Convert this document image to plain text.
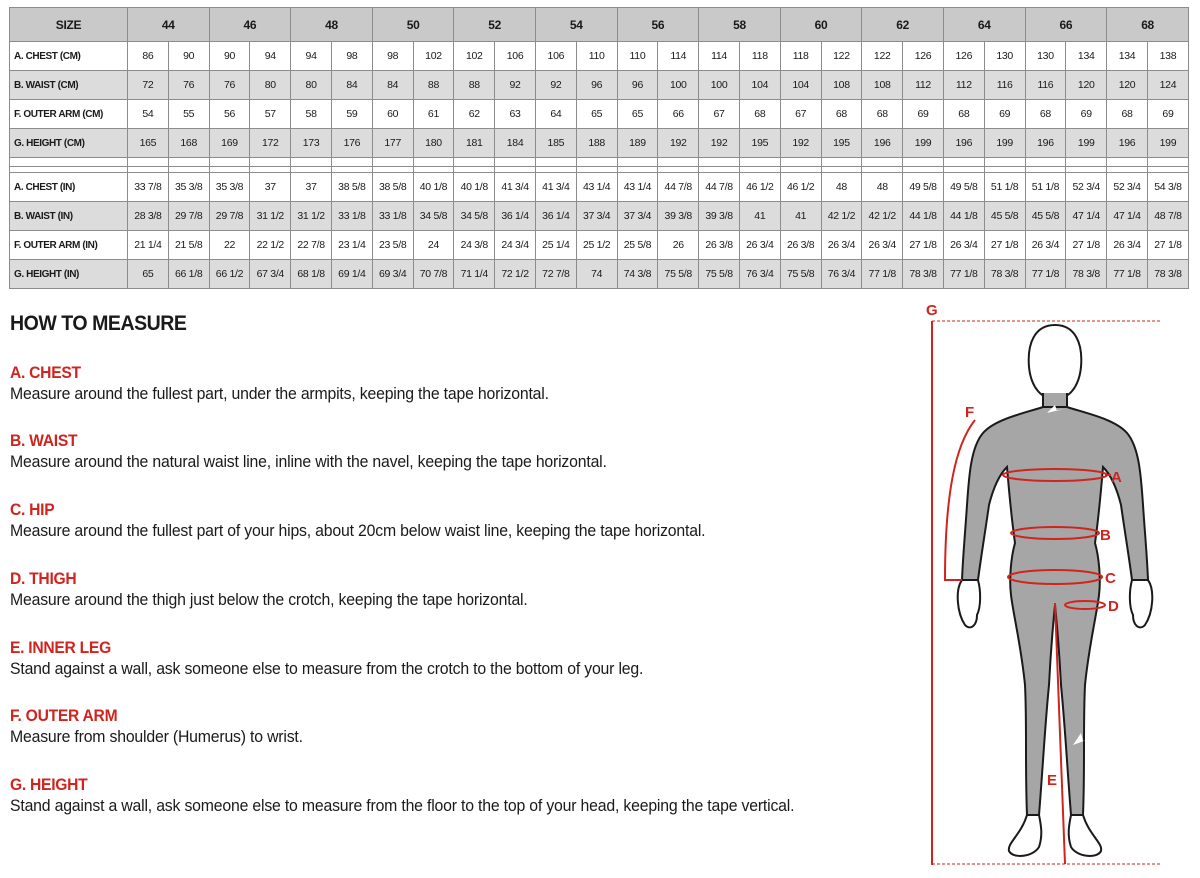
SIZE	44		46		48		50		52		54		56		58		60		62		64		66		68	
A. CHEST (CM)	86	90	90	94	94	98	98	102	102	106	106	110	110	114	114	118	118	122	122	126	126	130	130	134	134	138
B. WAIST (CM)	72	76	76	80	80	84	84	88	88	92	92	96	96	100	100	104	104	108	108	112	112	116	116	120	120	124
F. OUTER ARM (CM)	54	55	56	57	58	59	60	61	62	63	64	65	65	66	67	68	67	68	68	69	68	69	68	69	68	69
G. HEIGHT (CM)	165	168	169	172	173	176	177	180	181	184	185	188	189	192	192	195	192	195	196	199	196	199	196	199	196	199

A. CHEST (IN)	33 7/8	35 3/8	35 3/8	37	37	38 5/8	38 5/8	40 1/8	40 1/8	41 3/4	41 3/4	43 1/4	43 1/4	44 7/8	44 7/8	46 1/2	46 1/2	48	48	49 5/8	49 5/8	51 1/8	51 1/8	52 3/4	52 3/4	54 3/8
B. WAIST (IN)	28 3/8	29 7/8	29 7/8	31 1/2	31 1/2	33 1/8	33 1/8	34 5/8	34 5/8	36 1/4	36 1/4	37 3/4	37 3/4	39 3/8	39 3/8	41	41	42 1/2	42 1/2	44 1/8	44 1/8	45 5/8	45 5/8	47 1/4	47 1/4	48 7/8
F. OUTER ARM (IN)	21 1/4	21 5/8	22	22 1/2	22 7/8	23 1/4	23 5/8	24	24 3/8	24 3/4	25 1/4	25 1/2	25 5/8	26	26 3/8	26 3/4	26 3/8	26 3/4	26 3/4	27 1/8	26 3/4	27 1/8	26 3/4	27 1/8	26 3/4	27 1/8
G. HEIGHT (IN)	65	66 1/8	66 1/2	67 3/4	68 1/8	69 1/4	69 3/4	70 7/8	71 1/4	72 1/2	72 7/8	74	74 3/8	75 5/8	75 5/8	76 3/4	75 5/8	76 3/4	77 1/8	78 3/8	77 1/8	78 3/8	77 1/8	78 3/8	77 1/8	78 3/8
HOW TO MEASURE
A. CHEST
Measure around the fullest part, under the armpits, keeping the tape horizontal.
B. WAIST
Measure around the natural waist line, inline with the navel, keeping the tape horizontal.
C. HIP
Measure around the fullest part of your hips, about 20cm below waist line, keeping the tape horizontal.
D. THIGH
Measure around the thigh just below the crotch, keeping the tape horizontal.
E. INNER LEG
Stand against a wall, ask someone else to measure from the crotch to the bottom of your leg.
F. OUTER ARM
Measure from shoulder (Humerus) to wrist.
G. HEIGHT
Stand against a wall, ask someone else to measure from the floor to the top of your head, keeping the tape vertical.
G
A
B
C
D
E
F
